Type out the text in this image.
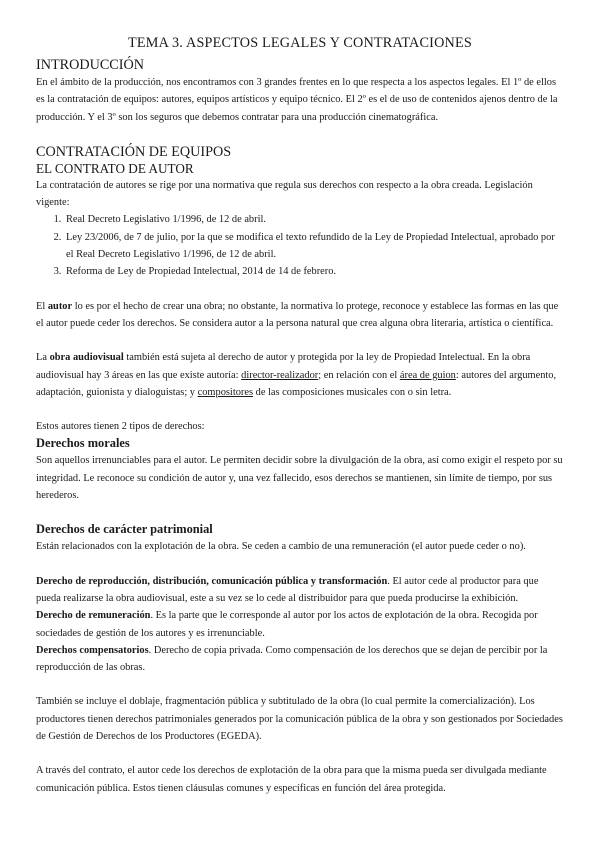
TEMA 3. ASPECTOS LEGALES Y CONTRATACIONES
INTRODUCCIÓN

En el ámbito de la producción, nos encontramos con 3 grandes frentes en lo que respecta a los aspectos legales. El 1º de ellos es la contratación de equipos: autores, equipos artísticos y equipo técnico. El 2º es el de uso de contenidos ajenos dentro de la producción. Y el 3º son los seguros que debemos contratar para una producción cinematográfica.

CONTRATACIÓN DE EQUIPOS
EL CONTRATO DE AUTOR

La contratación de autores se rige por una normativa que regula sus derechos con respecto a la obra creada. Legislación vigente:

1. Real Decreto Legislativo 1/1996, de 12 de abril.
2. Ley 23/2006, de 7 de julio, por la que se modifica el texto refundido de la Ley de Propiedad Intelectual, aprobado por el Real Decreto Legislativo 1/1996, de 12 de abril.
3. Reforma de Ley de Propiedad Intelectual, 2014 de 14 de febrero.

El autor lo es por el hecho de crear una obra; no obstante, la normativa lo protege, reconoce y establece las formas en las que el autor puede ceder los derechos. Se considera autor a la persona natural que crea alguna obra literaria, artística o científica.

La obra audiovisual también está sujeta al derecho de autor y protegida por la ley de Propiedad Intelectual. En la obra audiovisual hay 3 áreas en las que existe autoría: director-realizador; en relación con el área de guion: autores del argumento, adaptación, guionista y dialoguistas; y compositores de las composiciones musicales con o sin letra.

Estos autores tienen 2 tipos de derechos:

Derechos morales

Son aquellos irrenunciables para el autor. Le permiten decidir sobre la divulgación de la obra, así como exigir el respeto por su integridad. Le reconoce su condición de autor y, una vez fallecido, esos derechos se mantienen, sin límite de tiempo, por sus herederos.

Derechos de carácter patrimonial

Están relacionados con la explotación de la obra. Se ceden a cambio de una remuneración (el autor puede ceder o no).

Derecho de reproducción, distribución, comunicación pública y transformación. El autor cede al productor para que pueda realizarse la obra audiovisual, este a su vez se lo cede al distribuidor para que pueda producirse la exhibición.

Derecho de remuneración. Es la parte que le corresponde al autor por los actos de explotación de la obra. Recogida por sociedades de gestión de los autores y es irrenunciable.

Derechos compensatorios. Derecho de copia privada. Como compensación de los derechos que se dejan de percibir por la reproducción de las obras.

También se incluye el doblaje, fragmentación pública y subtitulado de la obra (lo cual permite la comercialización). Los productores tienen derechos patrimoniales generados por la comunicación pública de la obra y son gestionados por Sociedades de Gestión de Derechos de los Productores (EGEDA).

A través del contrato, el autor cede los derechos de explotación de la obra para que la misma pueda ser divulgada mediante comunicación pública. Estos tienen cláusulas comunes y específicas en función del área protegida.
